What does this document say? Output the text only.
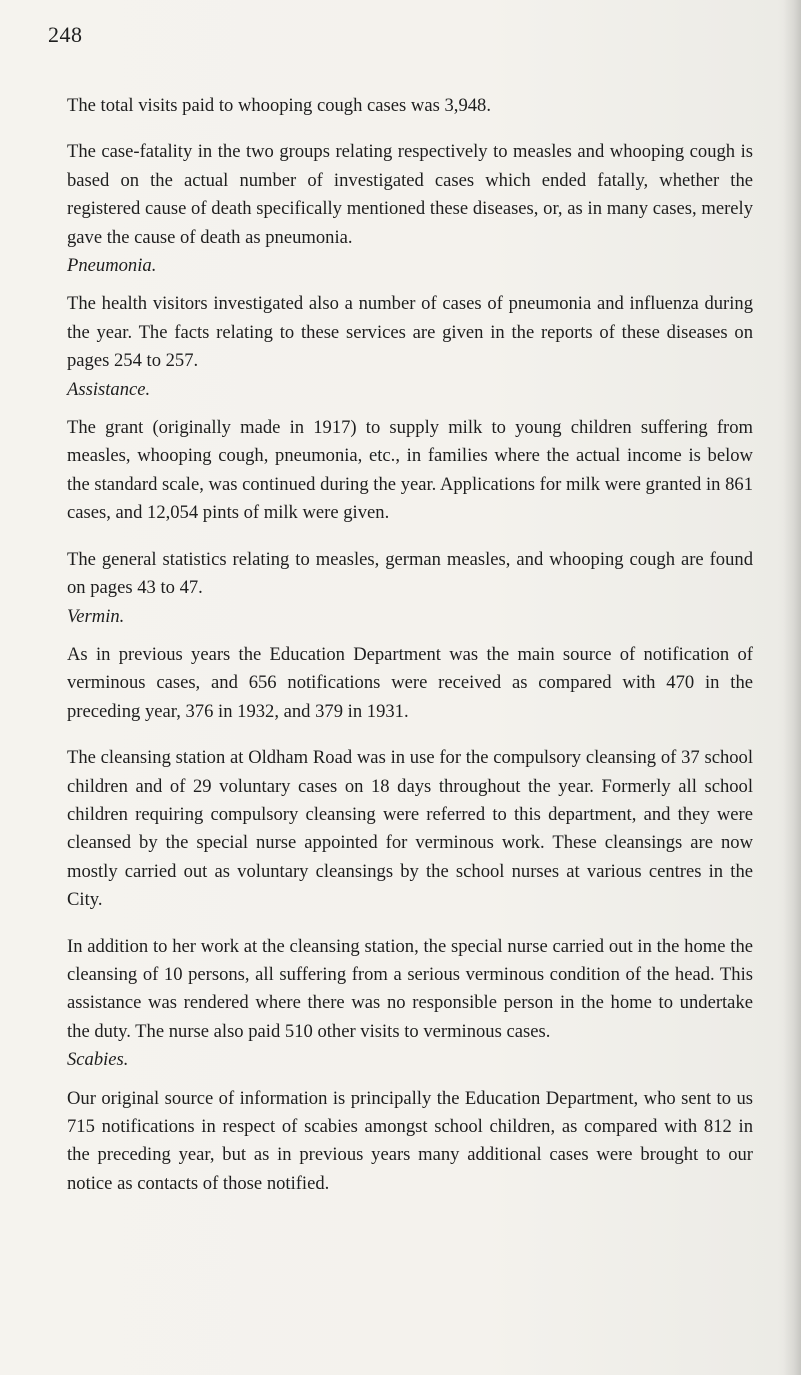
248

The total visits paid to whooping cough cases was 3,948.

The case-fatality in the two groups relating respectively to measles and whooping cough is based on the actual number of investigated cases which ended fatally, whether the registered cause of death specifically mentioned these diseases, or, as in many cases, merely gave the cause of death as pneumonia.

Pneumonia.

The health visitors investigated also a number of cases of pneumonia and influenza during the year. The facts relating to these services are given in the reports of these diseases on pages 254 to 257.

Assistance.

The grant (originally made in 1917) to supply milk to young children suffering from measles, whooping cough, pneumonia, etc., in families where the actual income is below the standard scale, was continued during the year. Applications for milk were granted in 861 cases, and 12,054 pints of milk were given.

The general statistics relating to measles, german measles, and whooping cough are found on pages 43 to 47.

Vermin.

As in previous years the Education Department was the main source of notification of verminous cases, and 656 notifications were received as compared with 470 in the preceding year, 376 in 1932, and 379 in 1931.

The cleansing station at Oldham Road was in use for the compulsory cleansing of 37 school children and of 29 voluntary cases on 18 days throughout the year. Formerly all school children requiring compulsory cleansing were referred to this department, and they were cleansed by the special nurse appointed for verminous work. These cleansings are now mostly carried out as voluntary cleansings by the school nurses at various centres in the City.

In addition to her work at the cleansing station, the special nurse carried out in the home the cleansing of 10 persons, all suffering from a serious verminous condition of the head. This assistance was rendered where there was no responsible person in the home to undertake the duty. The nurse also paid 510 other visits to verminous cases.

Scabies.

Our original source of information is principally the Education Department, who sent to us 715 notifications in respect of scabies amongst school children, as compared with 812 in the preceding year, but as in previous years many additional cases were brought to our notice as contacts of those notified.
